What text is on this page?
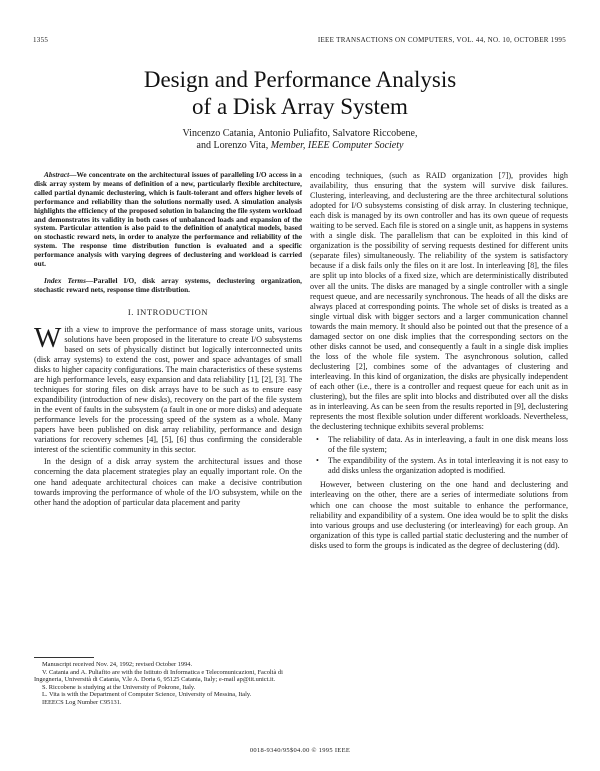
1355	IEEE TRANSACTIONS ON COMPUTERS, VOL. 44, NO. 10, OCTOBER 1995
Design and Performance Analysis
of a Disk Array System
Vincenzo Catania, Antonio Puliafito, Salvatore Riccobene,
and Lorenzo Vita, Member, IEEE Computer Society

Abstract—We concentrate on the architectural issues of paralleling I/O access in a disk array system by means of definition of a new, particularly flexible architecture, called partial dynamic declustering, which is fault-tolerant and offers higher levels of performance and reliability than the solutions normally used. A simulation analysis highlights the efficiency of the proposed solution in balancing the file system workload and demonstrates its validity in both cases of unbalanced loads and expansion of the system. Particular attention is also paid to the definition of analytical models, based on stochastic reward nets, in order to analyze the performance and reliability of the system. The response time distribution function is evaluated and a specific performance analysis with varying degrees of declustering and workload is carried out.

Index Terms—Parallel I/O, disk array systems, declustering organization, stochastic reward nets, response time distribution.

I. INTRODUCTION

With a view to improve the performance of mass storage units, various solutions have been proposed in the literature to create I/O subsystems based on sets of physically distinct but logically interconnected units (disk array systems) to extend the cost, power and space advantages of small disks to higher capacity configurations. The main characteristics of these systems are high performance levels, easy expansion and data reliability [1], [2], [3]. The techniques for storing files on disk arrays have to be such as to ensure easy expandibility (introduction of new disks), recovery on the part of the file system in the event of faults in the subsystem (a fault in one or more disks) and adequate performance levels for the processing speed of the system as a whole. Many papers have been published on disk array reliability, performance and design variations for recovery schemes [4], [5], [6] thus confirming the considerable interest of the scientific community in this sector.

In the design of a disk array system the architectural issues and those concerning the data placement strategies play an equally important role. On the one hand adequate architectural choices can make a decisive contribution towards improving the performance of whole of the I/O subsystem, while on the other hand the adoption of particular data placement and parity

encoding techniques, (such as RAID organization [7]), provides high availability, thus ensuring that the system will survive disk failures. Clustering, interleaving, and declustering are the three architectural solutions adopted for I/O subsystems consisting of disk array. In clustering technique, each disk is managed by its own controller and has its own queue of requests waiting to be served. Each file is stored on a single unit, as happens in systems with a single disk. The parallelism that can be exploited in this kind of organization is the possibility of serving requests destined for different units (separate files) simultaneously. The reliability of the system is satisfactory because if a disk fails only the files on it are lost. In interleaving [8], the files are split up into blocks of a fixed size, which are deterministically distributed over all the units. The disks are managed by a single controller with a single request queue, and are necessarily synchronous. The heads of all the disks are always placed at corresponding points. The whole set of disks is treated as a single virtual disk with bigger sectors and a larger communication channel towards the main memory. It should also be pointed out that the presence of a damaged sector on one disk implies that the corresponding sectors on the other disks cannot be used, and consequently a fault in a single disk implies the loss of the whole file system. The asynchronous solution, called declustering [2], combines some of the advantages of clustering and interleaving. In this kind of organization, the disks are physically independent of each other (i.e., there is a controller and request queue for each unit as in clustering), but the files are split into blocks and distributed over all the disks as in interleaving. As can be seen from the results reported in [9], declustering represents the most flexible solution under different workloads. Nevertheless, the declustering technique exhibits several problems:

• The reliability of data. As in interleaving, a fault in one disk means loss of the file system;
• The expandibility of the system. As in total interleaving it is not easy to add disks unless the organization adopted is modified.

However, between clustering on the one hand and declustering and interleaving on the other, there are a series of intermediate solutions from which one can choose the most suitable to enhance the performance, reliability and expandibility of a system. One idea would be to split the disks into various groups and use declustering (or interleaving) for each group. An organization of this type is called partial static declustering and the number of disks used to form the groups is indicated as the degree of declustering (dd).

Manuscript received Nov. 24, 1992; revised October 1994.

V. Catania and A. Puliafito are with the Istituto di Informatica e Telecomunicazioni, Facoltà di Ingegneria, Università di Catania, V.le A. Doria 6, 95125 Catania, Italy; e-mail ap@iit.unict.it.

S. Riccobene is studying at the University of Pokrone, Italy.

L. Vita is with the Department of Computer Science, University of Messina, Italy.

IEEECS Log Number C95131.

0018-9340/95$04.00 © 1995 IEEE
